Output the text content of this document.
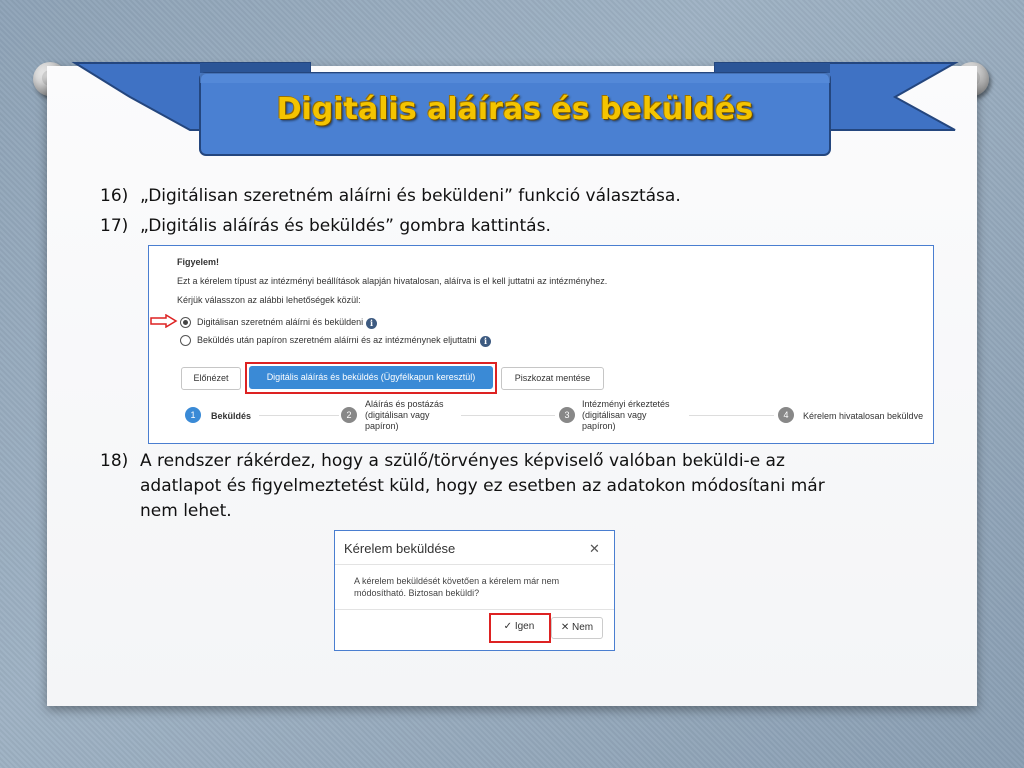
Digitális aláírás és beküldés
16) „Digitálisan szeretném aláírni és beküldeni” funkció választása.
17) „Digitális aláírás és beküldés” gombra kattintás.
Figyelem!
Ezt a kérelem típust az intézményi beállítások alapján hivatalosan, aláírva is el kell juttatni az intézményhez.
Kérjük válasszon az alábbi lehetőségek közül:
Digitálisan szeretném aláírni és beküldeni i
Beküldés után papíron szeretném aláírni és az intézménynek eljuttatni i
Előnézet	Digitális aláírás és beküldés (Ügyfélkapun keresztül)	Piszkozat mentése
1	Beküldés	2
Aláírás és postázás
(digitálisan vagy
papíron)
3
Intézményi érkeztetés
(digitálisan vagy
papíron)
4	Kérelem hivatalosan beküldve
18) A rendszer rákérdez, hogy a szülő/törvényes képviselő valóban beküldi-e az adatlapot és figyelmeztetést küld, hogy ez esetben az adatokon módosítani már nem lehet.
Kérelem beküldése	✕
A kérelem beküldését követően a kérelem már nem
módosítható. Biztosan beküldi?
✓ Igen	✕ Nem
